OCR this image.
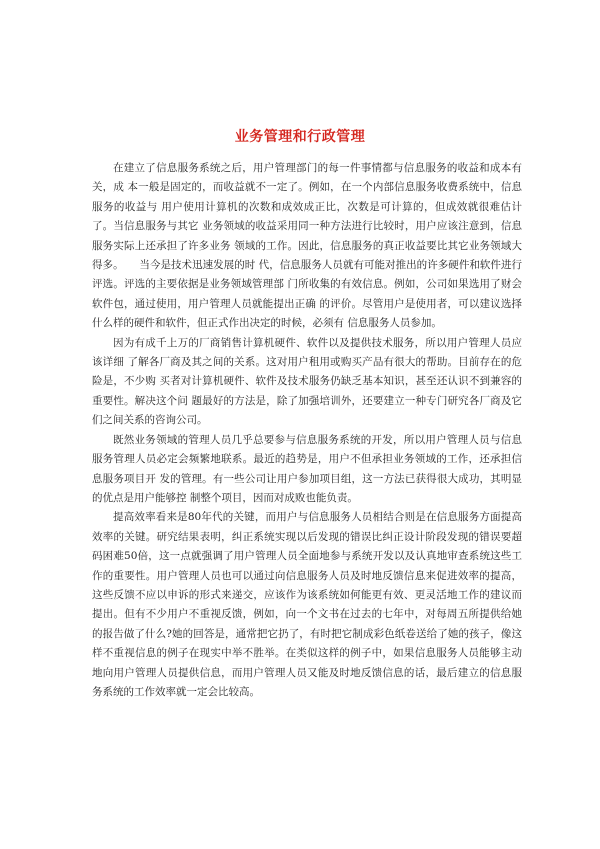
业务管理和行政管理

在建立了信息服务系统之后，用户管理部门的每一件事情都与信息服务的收益和成本有关，成 本一般是固定的，而收益就不一定了。例如，在一个内部信息服务收费系统中，信息服务的收益与 用户使用计算机的次数和成效成正比，次数是可计算的，但成效就很难估计了。当信息服务与其它 业务领域的收益采用同一种方法进行比较时，用户应该注意到，信息服务实际上还承担了许多业务 领域的工作。因此，信息服务的真正收益要比其它业务领域大得多。　　当今是技术迅速发展的时 代，信息服务人员就有可能对推出的许多硬件和软件进行评选。评选的主要依据是业务领域管理部 门所收集的有效信息。例如，公司如果选用了财会软件包，通过使用，用户管理人员就能提出正确 的评价。尽管用户是使用者，可以建议选择什么样的硬件和软件，但正式作出决定的时候，必须有 信息服务人员参加。

因为有成千上万的厂商销售计算机硬件、软件以及提供技术服务，所以用户管理人员应该详细 了解各厂商及其之间的关系。这对用户租用或购买产品有很大的帮助。目前存在的危险是，不少购 买者对计算机硬件、软件及技术服务仍缺乏基本知识，甚至还认识不到兼容的重要性。解决这个问 题最好的方法是，除了加强培训外，还要建立一种专门研究各厂商及它们之间关系的咨询公司。

既然业务领域的管理人员几乎总要参与信息服务系统的开发，所以用户管理人员与信息服务管理人员必定会频繁地联系。最近的趋势是，用户不但承担业务领域的工作，还承担信息服务项目开 发的管理。有一些公司让用户参加项目组，这一方法已获得很大成功，其明显的优点是用户能够控 制整个项目，因而对成败也能负责。

提高效率看来是80年代的关键，而用户与信息服务人员相结合则是在信息服务方面提高效率的关键。研究结果表明，纠正系统实现以后发现的错误比纠正设计阶段发现的错误要超码困难50倍，这一点就强调了用户管理人员全面地参与系统开发以及认真地审查系统这些工作的重要性。用户管理人员也可以通过向信息服务人员及时地反馈信息来促进效率的提高，这些反馈不应以申诉的形式来递交，应该作为该系统如何能更有效、更灵活地工作的建议而提出。但有不少用户不重视反馈，例如，向一个文书在过去的七年中，对每周五所提供给她的报告做了什么?她的回答是，通常把它扔了，有时把它制成彩色纸卷送给了她的孩子，像这样不重视信息的例子在现实中举不胜举。在类似这样的例子中，如果信息服务人员能够主动地向用户管理人员提供信息，而用户管理人员又能及时地反馈信息的话，最后建立的信息服务系统的工作效率就一定会比较高。
